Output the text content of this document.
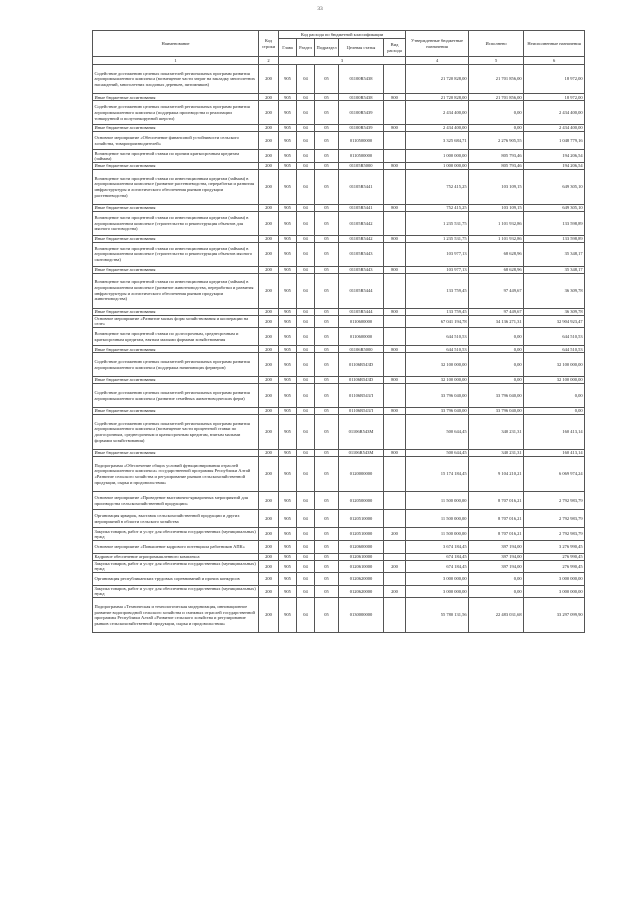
33
Наименование	Код строки	Код расхода по бюджетной классификации					Утвержденные бюджетные назначения	Исполнено	Неисполненные назначения
		Глава	Раздел	Подраздел	Целевая статья	Вид расхода			
1	2	3					4	5	6
Содействие достижению целевых показателей региональных программ развития агропромышленного комплекса (возмещение части затрат на закладку многолетних насаждений, многолетних плодовых деревьев, питомников)	200	905	04	05	01100R5438		21 720 828,00	21 701 856,00	18 972,00
Иные бюджетные ассигнования	200	905	04	05	01100R5438	800	21 720 828,00	21 701 856,00	18 972,00
Содействие достижению целевых показателей региональных программ развития агропромышленного комплекса (поддержка производства и реализации тонкорунной и полутонкорунной шерсти)	200	905	04	05	01100R5439		2 434 400,00	0,00	2 434 400,00
Иные бюджетные ассигнования	200	905	04	05	01100R5439	800	2 434 400,00	0,00	2 434 400,00
Основное мероприятие «Обеспечение финансовой устойчивости сельского хозяйства, товаропроизводителей»	200	905	04	05	0110500000		3 325 684,71	2 276 905,55	1 048 779,16
Возмещение части процентной ставки по прочим краткосрочным кредитам (займам)	200	905	04	05	0110500000		1 000 000,00	805 793,46	194 206,54
Иные бюджетные ассигнования	200	905	04	05	01105R5000	800	1 000 000,00	805 793,46	194 206,54
Возмещение части процентной ставки по инвестиционным кредитам (займам) в агропромышленном комплексе (развитие растениеводства, переработки и развития инфраструктуры и логистического обеспечения рынков продукции растениеводства)	200	905	04	05	01105R5441		752 415,25	103 109,15	649 305,10
Иные бюджетные ассигнования	200	905	04	05	01105R5441	800	752 415,25	103 109,15	649 305,10
Возмещение части процентной ставки по инвестиционным кредитам (займам) в агропромышленном комплексе (строительство и реконструкция объектов для мясного скотоводства)	200	905	04	05	01105R5442		1 235 531,75	1 101 932,86	133 598,89
Иные бюджетные ассигнования	200	905	04	05	01105R5442	800	1 235 531,75	1 101 932,86	133 598,89
Возмещение части процентной ставки по инвестиционным кредитам (займам) в агропромышленном комплексе (строительство и реконструкция объектов мясного скотоводства)	200	905	04	05	01105R5443		103 977,13	68 628,96	35 348,17
Иные бюджетные ассигнования	200	905	04	05	01105R5443	800	103 977,13	68 628,96	35 348,17
Возмещение части процентной ставки по инвестиционным кредитам (займам) в агропромышленном комплексе (развитие животноводства, переработки и развития инфраструктуры и логистического обеспечения рынков продукции животноводства)	200	905	04	05	01105R5444		133 759,45	97 449,67	36 309,78
Иные бюджетные ассигнования	200	905	04	05	01105R5444	800	133 759,45	97 449,67	36 309,78
Основное мероприятие «Развитие малых форм хозяйствования и кооперации на селе»	200	905	04	05	0110600000		67 041 194,78	34 136 271,31	32 904 923,47
Возмещение части процентной ставки по долгосрочным, среднесрочным и краткосрочным кредитам, взятым малыми формами хозяйствования	200	905	04	05	0110600000		644 510,53	0,00	644 510,53
Иные бюджетные ассигнования	200	905	04	05	01106R5000	800	644 510,53	0,00	644 510,53
Содействие достижению целевых показателей региональных программ развития агропромышленного комплекса (поддержка начинающих фермеров)	200	905	04	05	01106R543D		32 100 000,00	0,00	32 100 000,00
Иные бюджетные ассигнования	200	905	04	05	01106R543D	800	32 100 000,00	0,00	32 100 000,00
Содействие достижению целевых показателей региональных программ развития агропромышленного комплекса (развитие семейных животноводческих ферм)	200	905	04	05	01106R543Л		33 796 040,00	33 796 040,00	0,00
Иные бюджетные ассигнования	200	905	04	05	01106R543Л	800	33 796 040,00	33 796 040,00	0,00
Содействие достижению целевых показателей региональных программ развития агропромышленного комплекса (возмещение части процентной ставки по долгосрочным, среднесрочным и краткосрочным кредитам, взятым малыми формами хозяйствования)	200	905	04	05	01106R543M		500 644,45	340 231,31	160 413,14
Иные бюджетные ассигнования	200	905	04	05	01106R543M	800	500 644,45	340 231,31	160 413,14
Подпрограмма «Обеспечение общих условий функционирования отраслей агропромышленного комплекса» государственной программы Республики Алтай «Развитие сельского хозяйства и регулирование рынков сельскохозяйственной продукции, сырья и продовольствия»	200	905	04	05	0120000000		15 174 184,45	9 104 210,21	6 069 974,24
Основное мероприятие «Проведение выставочно-ярмарочных мероприятий для производства сельскохозяйственной продукции»	200	905	04	05	0120500000		11 500 000,00	8 707 016,21	2 792 983,79
Организация ярмарок, выставок сельскохозяйственной продукции и других мероприятий в области сельского хозяйства	200	905	04	05	0120510000		11 500 000,00	8 707 016,21	2 792 983,79
Закупка товаров, работ и услуг для обеспечения государственных (муниципальных) нужд	200	905	04	05	0120510000	200	11 500 000,00	8 707 016,21	2 792 983,79
Основное мероприятие «Повышение кадрового потенциала работников АПК»	200	905	04	05	0120600000		3 674 184,45	397 194,00	3 276 990,45
Кадровое обеспечение агропромышленного комплекса	200	905	04	05	0120610000		674 184,45	397 194,00	276 990,45
Закупка товаров, работ и услуг для обеспечения государственных (муниципальных) нужд	200	905	04	05	0120610000	200	674 184,45	397 194,00	276 990,45
Организация республиканских трудовых соревнований и прочих конкурсов	200	905	04	05	0120620000		3 000 000,00	0,00	3 000 000,00
Закупка товаров, работ и услуг для обеспечения государственных (муниципальных) нужд	200	905	04	05	0120620000	200	3 000 000,00	0,00	3 000 000,00
Подпрограмма «Техническая и технологическая модернизация, инновационное развитие водопроводной сельского хозяйства и смежных отраслей государственной программы Республики Алтай «Развитие сельского хозяйства и регулирование рынков сельскохозяйственной продукции, сырья и продовольствия»	200	905	04	05	0130000000		55 780 131,56	22 483 031,68	33 297 099,90
